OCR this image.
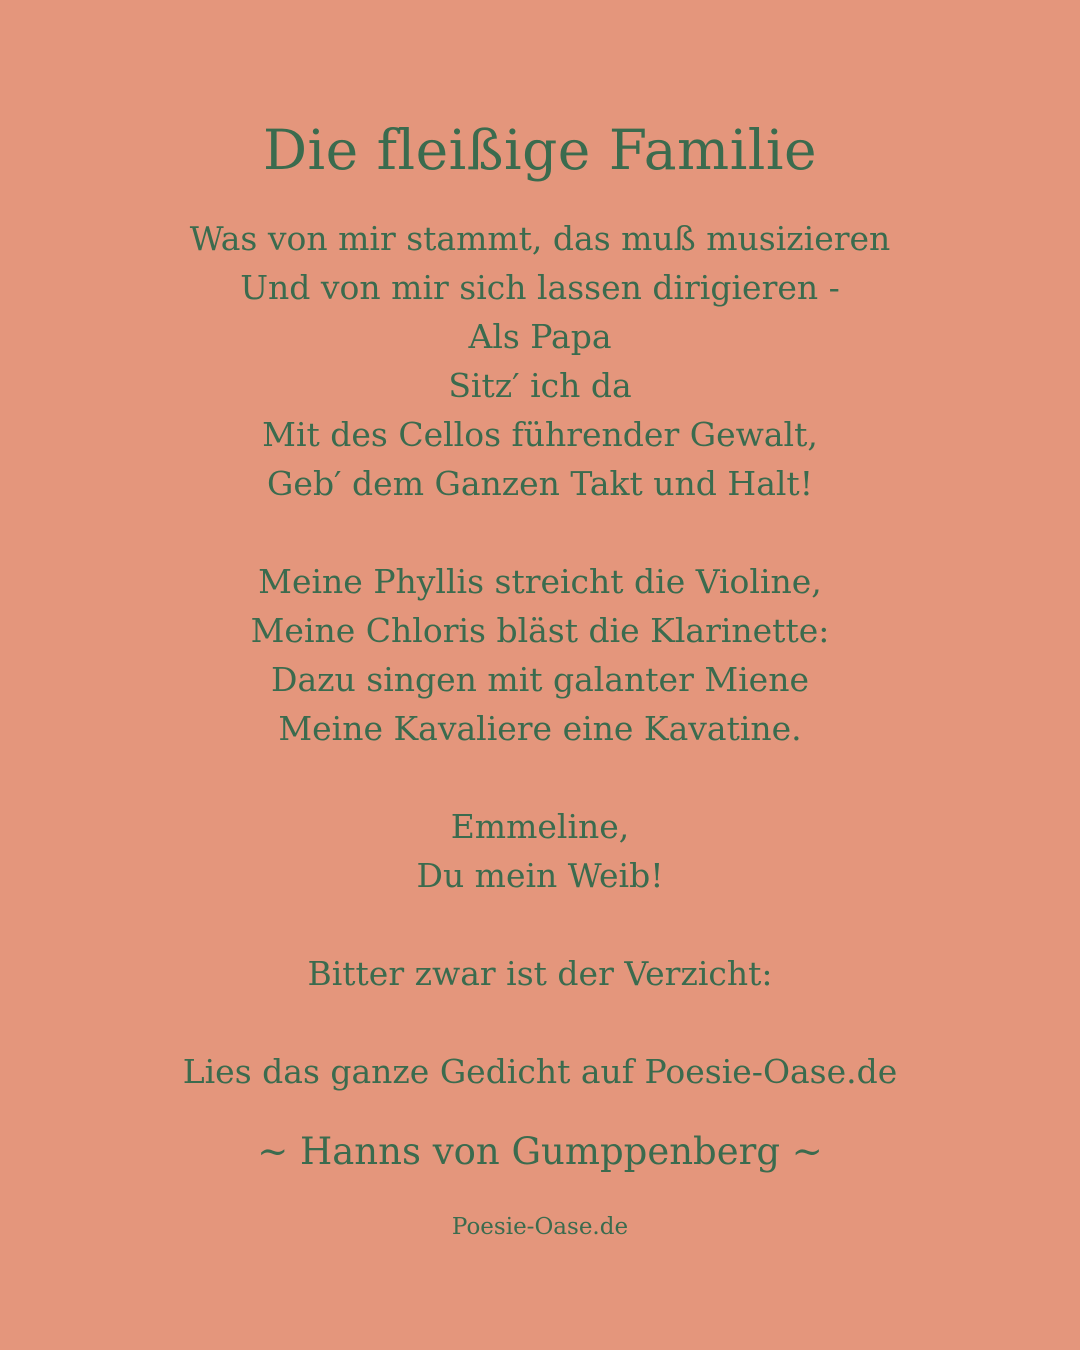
Die fleißige Familie
Was von mir stammt, das muß musizieren
Und von mir sich lassen dirigieren -
Als Papa
Sitz′ ich da
Mit des Cellos führender Gewalt,
Geb′ dem Ganzen Takt und Halt!
Meine Phyllis streicht die Violine,
Meine Chloris bläst die Klarinette:
Dazu singen mit galanter Miene
Meine Kavaliere eine Kavatine.
Emmeline,
Du mein Weib!
Bitter zwar ist der Verzicht:
Lies das ganze Gedicht auf Poesie-Oase.de
~ Hanns von Gumppenberg ~
Poesie-Oase.de
